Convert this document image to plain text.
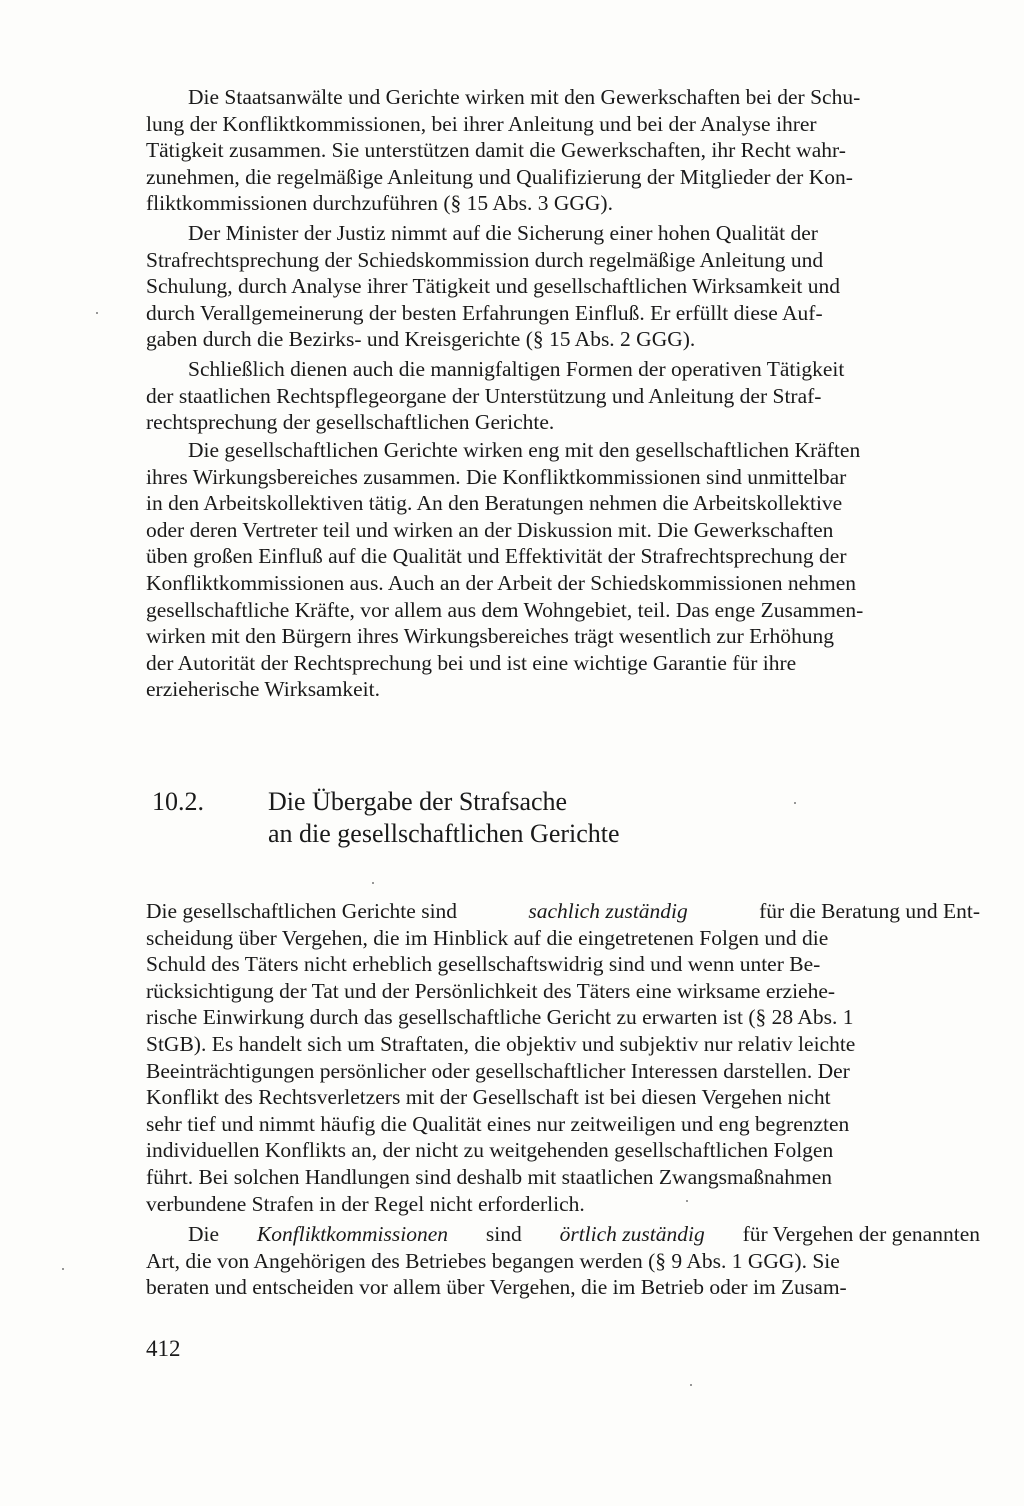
Die Staatsanwälte und Gerichte wirken mit den Gewerkschaften bei der Schu-
lung der Konfliktkommissionen, bei ihrer Anleitung und bei der Analyse ihrer
Tätigkeit zusammen. Sie unterstützen damit die Gewerkschaften, ihr Recht wahr-
zunehmen, die regelmäßige Anleitung und Qualifizierung der Mitglieder der Kon-
fliktkommissionen durchzuführen (§ 15 Abs. 3 GGG).
Der Minister der Justiz nimmt auf die Sicherung einer hohen Qualität der
Strafrechtsprechung der Schiedskommission durch regelmäßige Anleitung und
Schulung, durch Analyse ihrer Tätigkeit und gesellschaftlichen Wirksamkeit und
durch Verallgemeinerung der besten Erfahrungen Einfluß. Er erfüllt diese Auf-
gaben durch die Bezirks- und Kreisgerichte (§ 15 Abs. 2 GGG).
Schließlich dienen auch die mannigfaltigen Formen der operativen Tätigkeit
der staatlichen Rechtspflegeorgane der Unterstützung und Anleitung der Straf-
rechtsprechung der gesellschaftlichen Gerichte.
Die gesellschaftlichen Gerichte wirken eng mit den gesellschaftlichen Kräften
ihres Wirkungsbereiches zusammen. Die Konfliktkommissionen sind unmittelbar
in den Arbeitskollektiven tätig. An den Beratungen nehmen die Arbeitskollektive
oder deren Vertreter teil und wirken an der Diskussion mit. Die Gewerkschaften
üben großen Einfluß auf die Qualität und Effektivität der Strafrechtsprechung der
Konfliktkommissionen aus. Auch an der Arbeit der Schiedskommissionen nehmen
gesellschaftliche Kräfte, vor allem aus dem Wohngebiet, teil. Das enge Zusammen-
wirken mit den Bürgern ihres Wirkungsbereiches trägt wesentlich zur Erhöhung
der Autorität der Rechtsprechung bei und ist eine wichtige Garantie für ihre
erzieherische Wirksamkeit.
10.2. Die Übergabe der Strafsache
an die gesellschaftlichen Gerichte
Die gesellschaftlichen Gerichte sind	sachlich zuständig	für die Beratung und Ent-
scheidung über Vergehen, die im Hinblick auf die eingetretenen Folgen und die
Schuld des Täters nicht erheblich gesellschaftswidrig sind und wenn unter Be-
rücksichtigung der Tat und der Persönlichkeit des Täters eine wirksame erziehe-
rische Einwirkung durch das gesellschaftliche Gericht zu erwarten ist (§ 28 Abs. 1
StGB). Es handelt sich um Straftaten, die objektiv und subjektiv nur relativ leichte
Beeinträchtigungen persönlicher oder gesellschaftlicher Interessen darstellen. Der
Konflikt des Rechtsverletzers mit der Gesellschaft ist bei diesen Vergehen nicht
sehr tief und nimmt häufig die Qualität eines nur zeitweiligen und eng begrenzten
individuellen Konflikts an, der nicht zu weitgehenden gesellschaftlichen Folgen
führt. Bei solchen Handlungen sind deshalb mit staatlichen Zwangsmaßnahmen
verbundene Strafen in der Regel nicht erforderlich.
Die Konfliktkommissionen sind örtlich zuständig für Vergehen der genannten
Art, die von Angehörigen des Betriebes begangen werden (§ 9 Abs. 1 GGG). Sie
beraten und entscheiden vor allem über Vergehen, die im Betrieb oder im Zusam-
412
